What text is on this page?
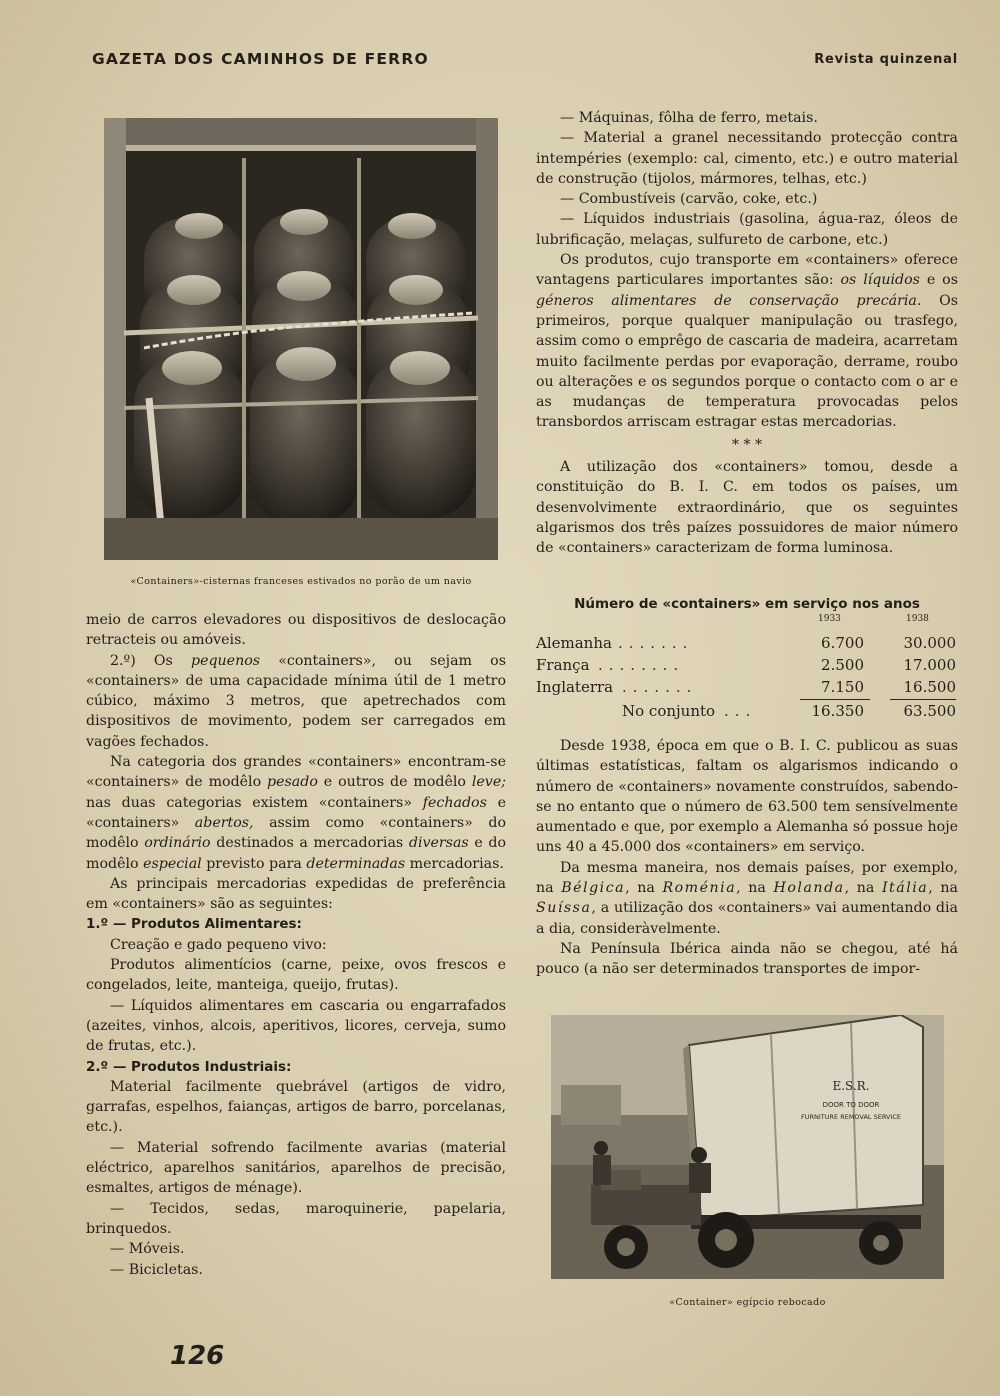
GAZETA DOS CAMINHOS DE FERRO	Revista quinzenal
«Containers»-cisternas franceses estivados no porão de um navio

meio de carros elevadores ou dispositivos de deslocação retracteis ou amóveis.

2.º) Os pequenos «containers», ou sejam os «containers» de uma capacidade mínima útil de 1 metro cúbico, máximo 3 metros, que apetrechados com dispositivos de movimento, podem ser carregados em vagões fechados.

Na categoria dos grandes «containers» encontram-se «containers» de modêlo pesado e outros de modêlo leve; nas duas categorias existem «containers» fechados e «containers» abertos, assim como «containers» do modêlo ordinário destinados a mercadorias diversas e do modêlo especial previsto para determinadas mercadorias.

As principais mercadorias expedidas de preferência em «containers» são as seguintes:

1.º — Produtos Alimentares:

Creação e gado pequeno vivo:

Produtos alimentícios (carne, peixe, ovos frescos e congelados, leite, manteiga, queijo, frutas).

— Líquidos alimentares em cascaria ou engarrafados (azeites, vinhos, alcois, aperitivos, licores, cerveja, sumo de frutas, etc.).

2.º — Produtos Industriais:

Material facilmente quebrável (artigos de vidro, garrafas, espelhos, faianças, artigos de barro, porcelanas, etc.).

— Material sofrendo facilmente avarias (material eléctrico, aparelhos sanitários, aparelhos de precisão, esmaltes, artigos de ménage).

— Tecidos, sedas, maroquinerie, papelaria, brinquedos.

— Móveis.

— Bicicletas.

— Máquinas, fôlha de ferro, metais.

— Material a granel necessitando protecção contra intempéries (exemplo: cal, cimento, etc.) e outro material de construção (tijolos, mármores, telhas, etc.)

— Combustíveis (carvão, coke, etc.)

— Líquidos industriais (gasolina, água-raz, óleos de lubrificação, melaças, sulfureto de carbone, etc.)

Os produtos, cujo transporte em «containers» oferece vantagens particulares importantes são: os líquidos e os géneros alimentares de conservação precária. Os primeiros, porque qualquer manipulação ou trasfego, assim como o emprêgo de cascaria de madeira, acarretam muito facilmente perdas por evaporação, derrame, roubo ou alterações e os segundos porque o contacto com o ar e as mudanças de temperatura provocadas pelos transbordos arriscam estragar estas mercadorias.

* * *

A utilização dos «containers» tomou, desde a constituição do B. I. C. em todos os países, um desenvolvimente extraordinário, que os seguintes algarismos dos três paízes possuidores de maior número de «containers» caracterizam de forma luminosa.

Número de «containers» em serviço nos anos
1933	1938
.......
Alemanha	6.700	30.000
........
França	2.500	17.000
.......
Inglaterra	7.150	16.500
No conjunto ...	16.350	63.500

Desde 1938, época em que o B. I. C. publicou as suas últimas estatísticas, faltam os algarismos indicando o número de «containers» novamente construídos, sabendo-se no entanto que o número de 63.500 tem sensívelmente aumentado e que, por exemplo a Alemanha só possue hoje uns 40 a 45.000 dos «containers» em serviço.

Da mesma maneira, nos demais países, por exemplo, na Bélgica, na Roménia, na Holanda, na Itália, na Suíssa, a utilização dos «containers» vai aumentando dia a dia, consideràvelmente.

Na Península Ibérica ainda não se chegou, até há pouco (a não ser determinados transportes de impor-

E.S.R.
DOOR TO DOOR
FURNITURE REMOVAL SERVICE
«Container» egípcio rebocado
126
